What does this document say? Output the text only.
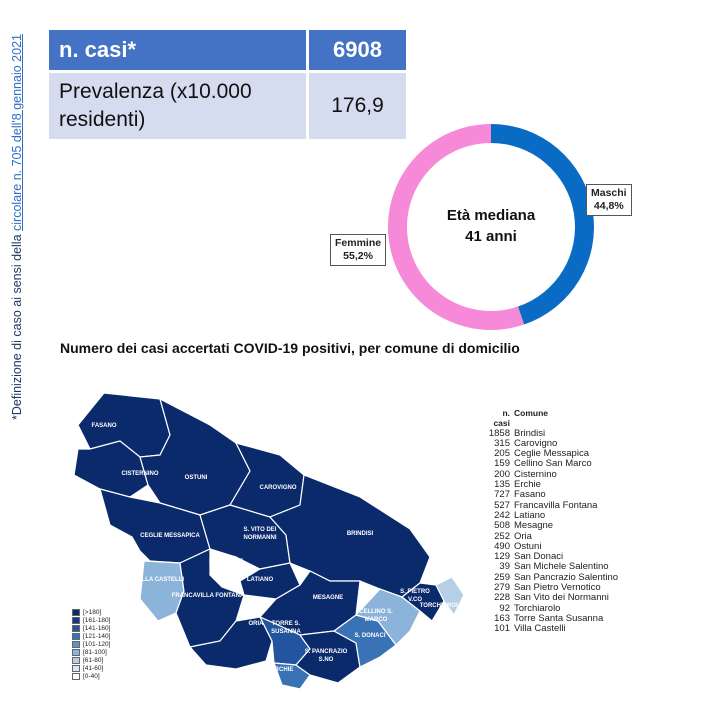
*Definizione di caso ai sensi della circolare n. 705 dell'8 gennaio 2021 n. casi*	6908
Prevalenza (x10.000 residenti)	176,9
Età mediana
41 anni
Maschi
44,8%
Femmine
55,2%
Numero dei casi accertati COVID-19 positivi, per comune di domicilio
FASANO
CISTERNINO
OSTUNI
CAROVIGNO
CEGLIE MESSAPICA
S. VITO DEI
NORMANNI
S. MICHELE
S.NO
LATIANO
BRINDISI
VILLA CASTELLI
FRANCAVILLA FONTANA
ORIA TORRE S.
SUSANNA
MESAGNE
S. PIETRO
V.CO
TORCHIAROLO
CELLINO S.
MARCO
S. DONACI
ERCHIE
S. PANCRAZIO
S.NO
[>180]
[161-180]
[141-160]
[121-140]
[101-120]
[81-100]
[61-80]
[41-60]
[0-40]
n. casi
Comune
1858 Brindisi
315 Carovigno
205 Ceglie Messapica
159 Cellino San Marco
200 Cisternino
135 Erchie
727 Fasano
527 Francavilla Fontana
242 Latiano
508 Mesagne
252 Oria
490 Ostuni
129 San Donaci
39 San Michele Salentino
259 San Pancrazio Salentino
279 San Pietro Vernotico
228 San Vito dei Normanni
92 Torchiarolo
163 Torre Santa Susanna
101 Villa Castelli
